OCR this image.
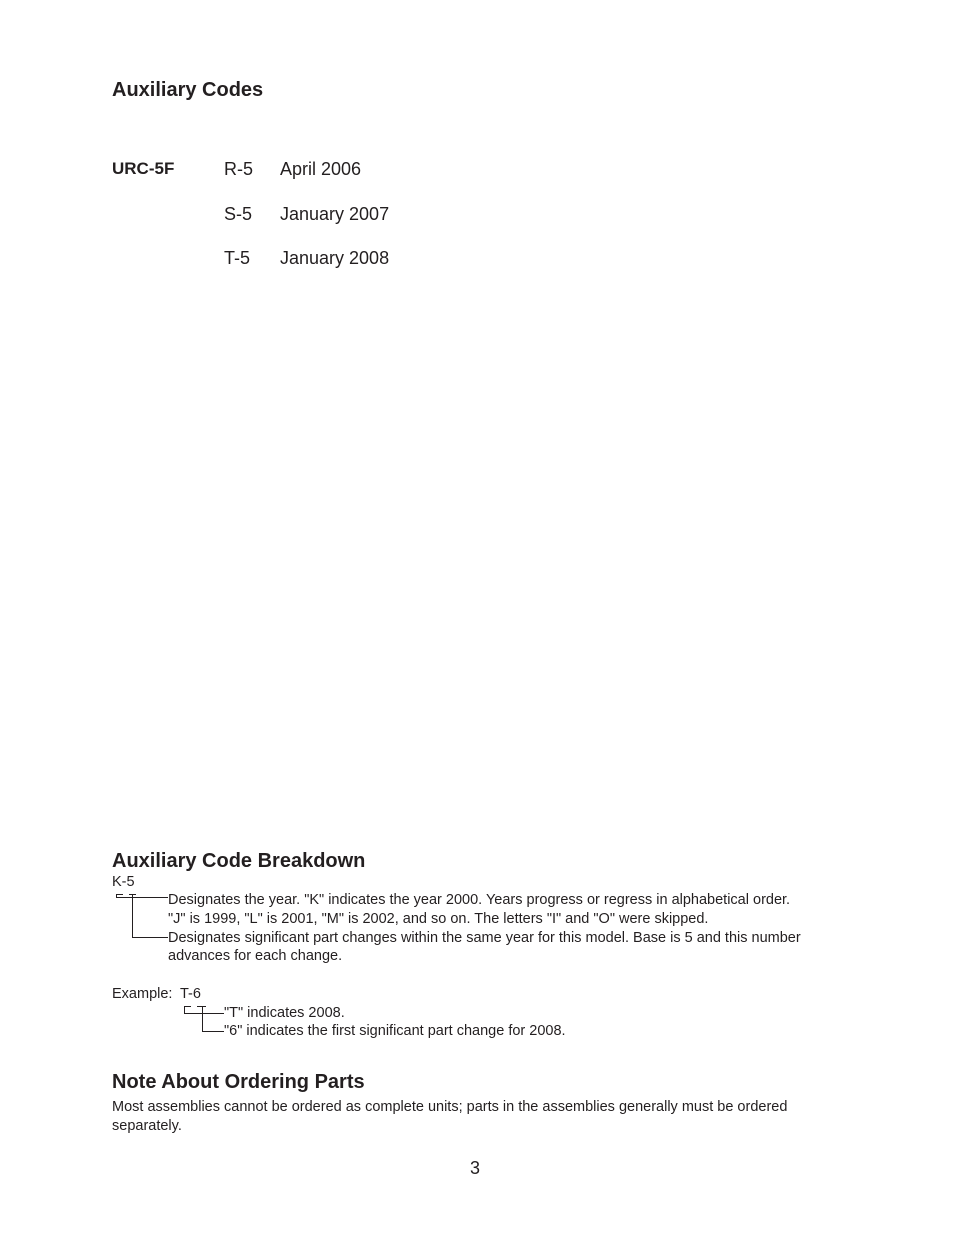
Auxiliary Codes
URC-5F	R-5 April 2006
S-5 January 2007
T-5 January 2008
Auxiliary Code Breakdown
K-5
Designates the year. "K" indicates the year 2000. Years progress or regress in alphabetical order.
"J" is 1999, "L" is 2001, "M" is 2002, and so on. The letters "I" and "O" were skipped.
Designates significant part changes within the same year for this model. Base is 5 and this number
advances for each change.
Example: T-6
"T" indicates 2008.
"6" indicates the first significant part change for 2008.
Note About Ordering Parts
Most assemblies cannot be ordered as complete units; parts in the assemblies generally must be ordered
separately.
3
